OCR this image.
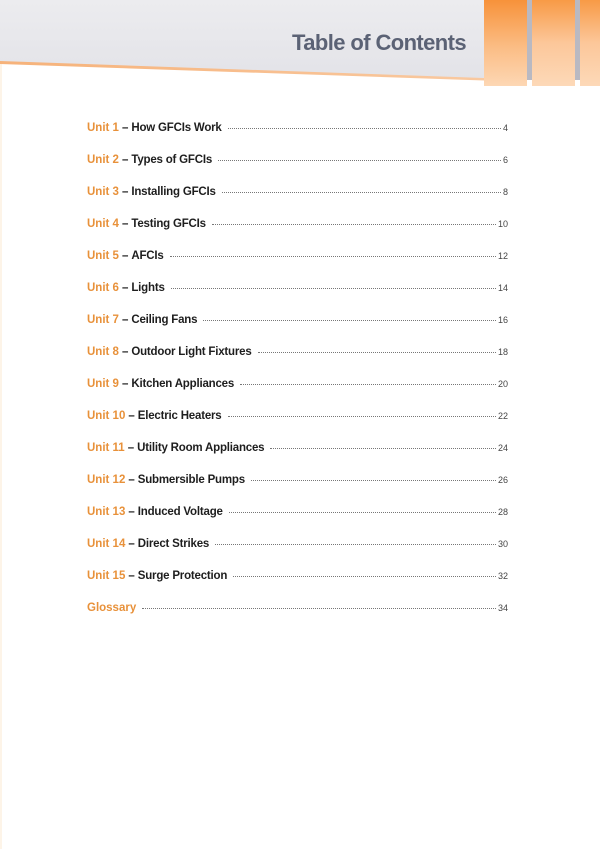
Table of Contents
Unit 1 – How GFCIs Work	4
Unit 2 – Types of GFCIs	6
Unit 3 – Installing GFCIs	8
Unit 4 – Testing GFCIs	10
Unit 5 – AFCIs	12
Unit 6 – Lights	14
Unit 7 – Ceiling Fans	16
Unit 8 – Outdoor Light Fixtures	18
Unit 9 – Kitchen Appliances	20
Unit 10 – Electric Heaters	22
Unit 11 – Utility Room Appliances	24
Unit 12 – Submersible Pumps	26
Unit 13 – Induced Voltage	28
Unit 14 – Direct Strikes	30
Unit 15 – Surge Protection	32
Glossary	34
